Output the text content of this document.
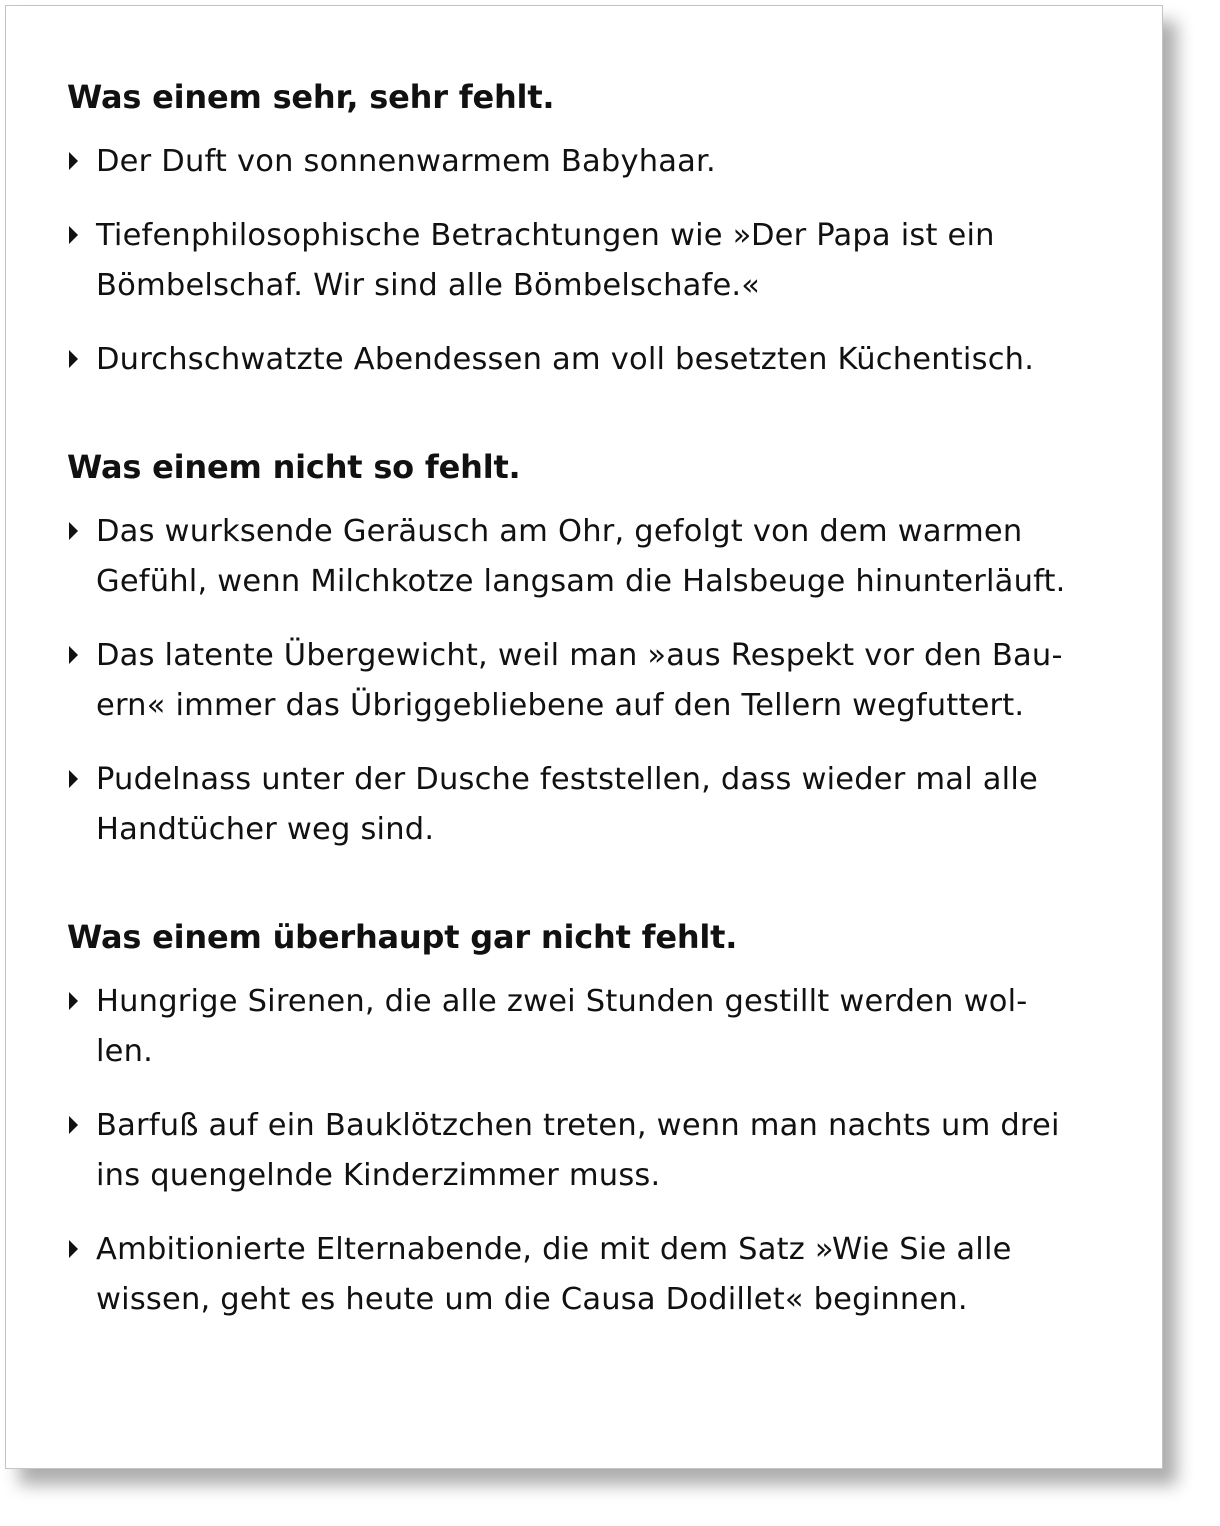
Was einem sehr, sehr fehlt.
Der Duft von sonnenwarmem Babyhaar.
Tiefenphilosophische Betrachtungen wie »Der Papa ist ein
Bömbelschaf. Wir sind alle Bömbelschafe.«
Durchschwatzte Abendessen am voll besetzten Küchentisch.
Was einem nicht so fehlt.
Das wurksende Geräusch am Ohr, gefolgt von dem warmen
Gefühl, wenn Milchkotze langsam die Halsbeuge hinunterläuft.
Das latente Übergewicht, weil man »aus Respekt vor den Bau-
ern« immer das Übriggebliebene auf den Tellern wegfuttert.
Pudelnass unter der Dusche feststellen, dass wieder mal alle
Handtücher weg sind.
Was einem überhaupt gar nicht fehlt.
Hungrige Sirenen, die alle zwei Stunden gestillt werden wol-
len.
Barfuß auf ein Bauklötzchen treten, wenn man nachts um drei
ins quengelnde Kinderzimmer muss.
Ambitionierte Elternabende, die mit dem Satz »Wie Sie alle
wissen, geht es heute um die Causa Dodillet« beginnen.
